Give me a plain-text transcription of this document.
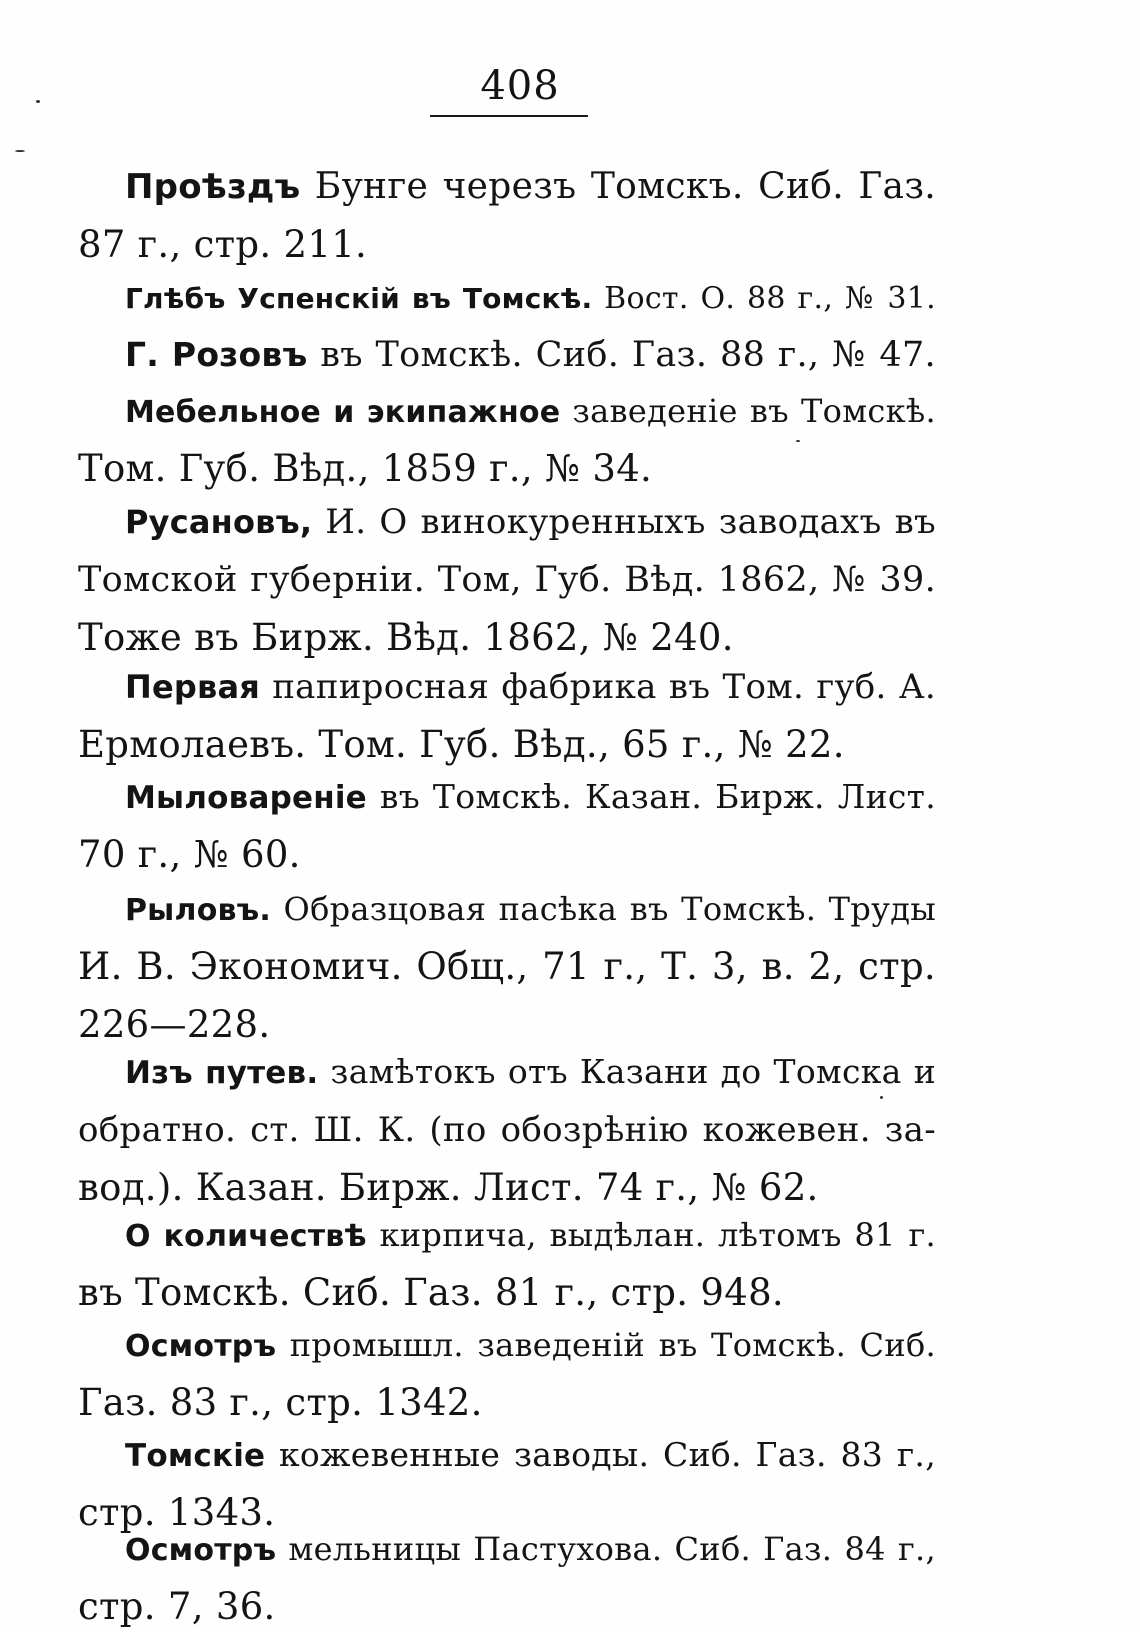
408
Проѣздъ Бунге черезъ Томскъ. Сиб. Газ.
87 г., стр. 211.
Глѣбъ Успенскій въ Томскѣ. Вост. О. 88 г., № 31.
Г. Розовъ въ Томскѣ. Сиб. Газ. 88 г., № 47.
Мебельное и экипажное заведеніе въ Томскѣ.
Том. Губ. Вѣд., 1859 г., № 34.
Русановъ, И. О винокуренныхъ заводахъ въ
Томской губерніи. Том, Губ. Вѣд. 1862, № 39.
Тоже въ Бирж. Вѣд. 1862, № 240.
Первая папиросная фабрика въ Том. губ. А.
Ермолаевъ. Том. Губ. Вѣд., 65 г., № 22.
Мыловареніе въ Томскѣ. Казан. Бирж. Лист.
70 г., № 60.
Рыловъ. Образцовая пасѣка въ Томскѣ. Труды
И. В. Экономич. Общ., 71 г., Т. 3, в. 2, стр.
226—228.
Изъ путев. замѣтокъ отъ Казани до Томска и
обратно. ст. Ш. К. (по обозрѣнію кожевен. за-
вод.). Казан. Бирж. Лист. 74 г., № 62.
О количествѣ кирпича, выдѣлан. лѣтомъ 81 г.
въ Томскѣ. Сиб. Газ. 81 г., стр. 948.
Осмотръ промышл. заведеній въ Томскѣ. Сиб.
Газ. 83 г., стр. 1342.
Томскіе кожевенные заводы. Сиб. Газ. 83 г.,
стр. 1343.
Осмотръ мельницы Пастухова. Сиб. Газ. 84 г.,
стр. 7, 36.
